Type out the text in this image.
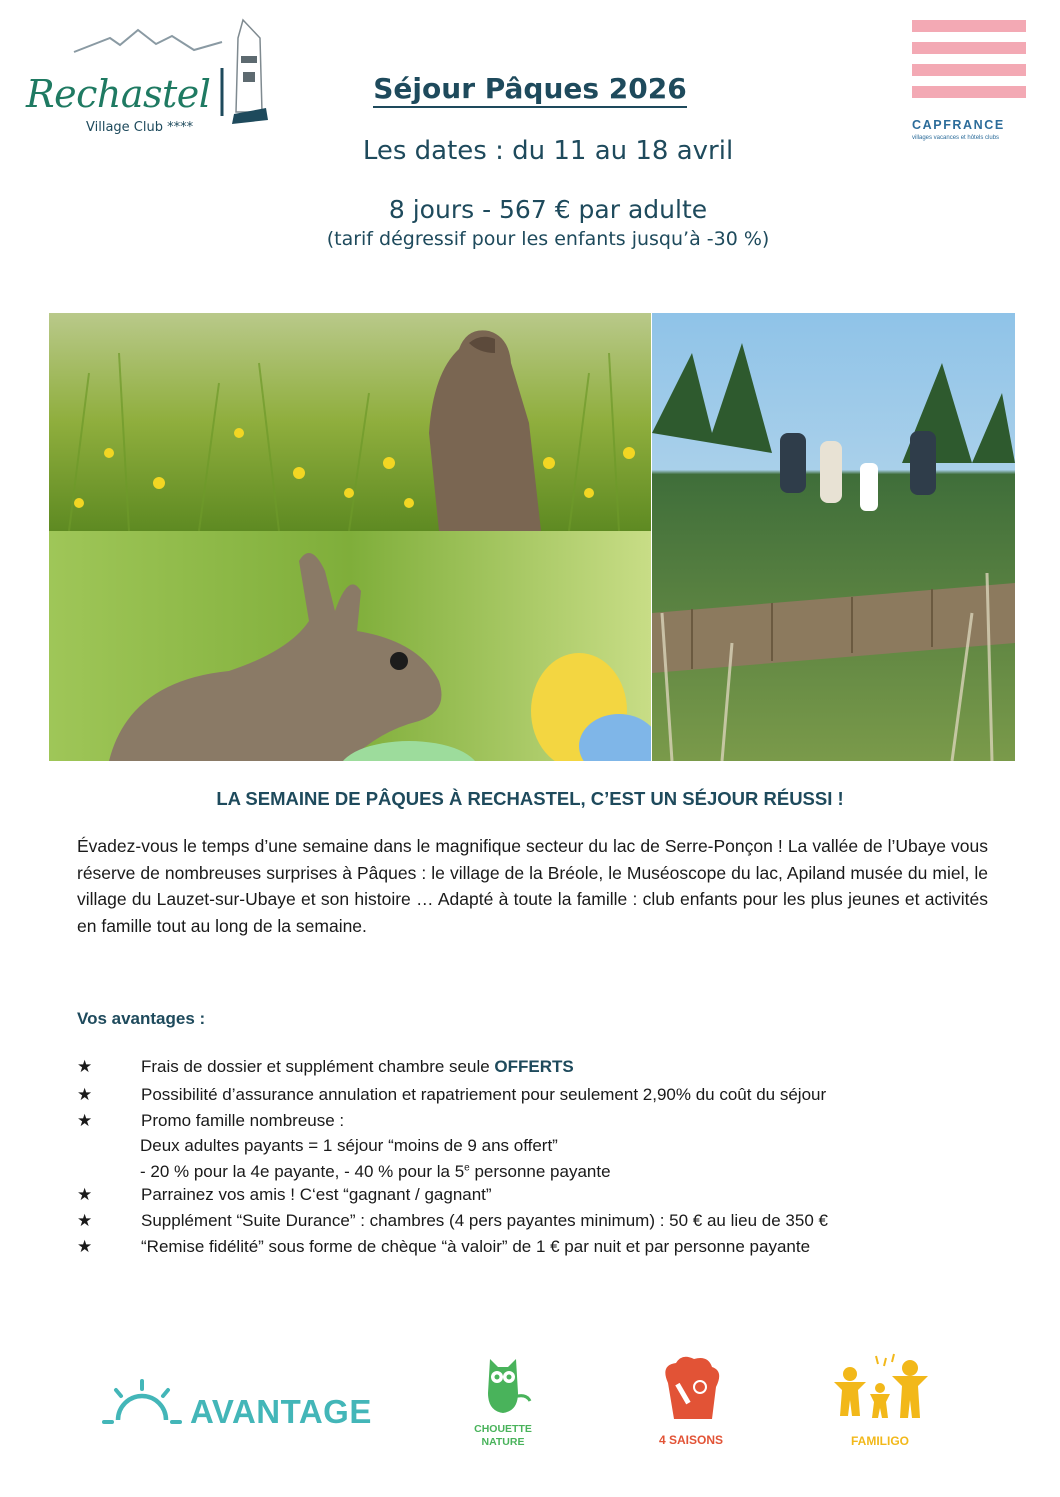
Rechastel
Village Club ****	CAPFRANCE
villages vacances et hôtels clubs
Séjour Pâques 2026
Les dates : du 11 au 18 avril
8 jours - 567 € par adulte
(tarif dégressif pour les enfants jusqu’à -30 %)
LA SEMAINE DE PÂQUES À RECHASTEL, C’EST UN SÉJOUR RÉUSSI !
Évadez-vous le temps d’une semaine dans le magnifique secteur du lac de Serre-Ponçon ! La vallée de l’Ubaye vous réserve de nombreuses surprises à Pâques : le village de la Bréole, le Muséoscope du lac, Apiland musée du miel, le village du Lauzet-sur-Ubaye et son histoire … Adapté à toute la famille : club enfants pour les plus jeunes et activités en famille tout au long de la semaine.
Vos avantages :
★	Frais de dossier et supplément chambre seule OFFERTS
★	Possibilité d’assurance annulation et rapatriement pour seulement 2,90% du coût du séjour
★	Promo famille nombreuse :
Deux adultes payants = 1 séjour “moins de 9 ans offert”
- 20 % pour la 4e payante, - 40 % pour la 5e personne payante
★	Parrainez vos amis ! C‘est “gagnant / gagnant”
★	Supplément “Suite Durance” : chambres (4 pers payantes minimum) : 50 € au lieu de 350 €
★	“Remise fidélité” sous forme de chèque “à valoir” de 1 € par nuit et par personne payante
AVANTAGE	CHOUETTE
NATURE	4 SAISONS	FAMILIGO
